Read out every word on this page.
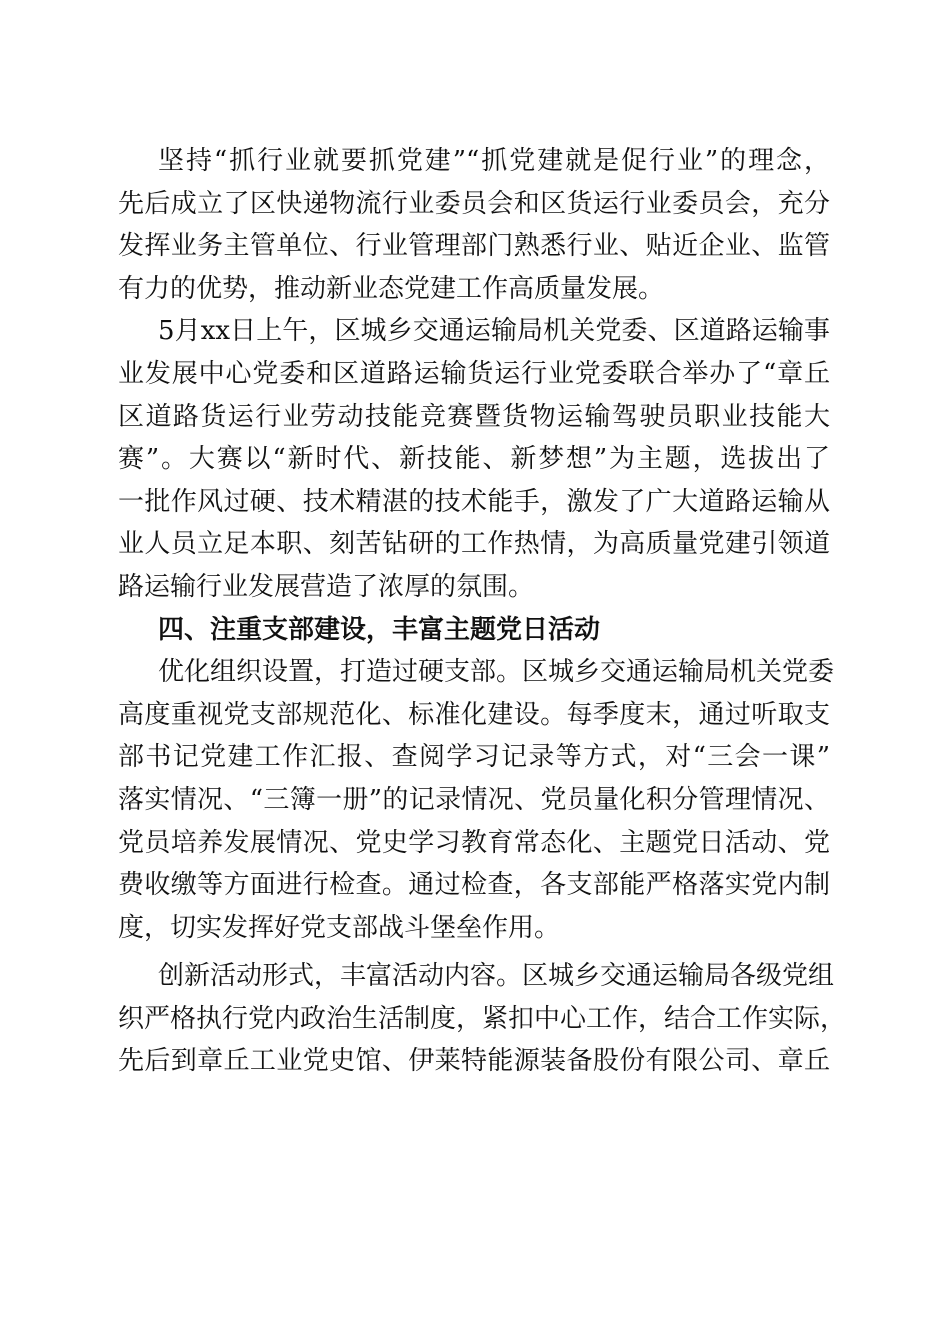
坚持“抓行业就要抓党建”“抓党建就是促行业”的理念，
先后成立了区快递物流行业委员会和区货运行业委员会，充分
发挥业务主管单位、行业管理部门熟悉行业、贴近企业、监管
有力的优势，推动新业态党建工作高质量发展。
5月xx日上午，区城乡交通运输局机关党委、区道路运输事
业发展中心党委和区道路运输货运行业党委联合举办了“章丘
区道路货运行业劳动技能竞赛暨货物运输驾驶员职业技能大
赛”。大赛以“新时代、新技能、新梦想”为主题，选拔出了
一批作风过硬、技术精湛的技术能手，激发了广大道路运输从
业人员立足本职、刻苦钻研的工作热情，为高质量党建引领道
路运输行业发展营造了浓厚的氛围。
四、注重支部建设，丰富主题党日活动
优化组织设置，打造过硬支部。区城乡交通运输局机关党委
高度重视党支部规范化、标准化建设。每季度末，通过听取支
部书记党建工作汇报、查阅学习记录等方式，对“三会一课”
落实情况、“三簿一册”的记录情况、党员量化积分管理情况、
党员培养发展情况、党史学习教育常态化、主题党日活动、党
费收缴等方面进行检查。通过检查，各支部能严格落实党内制
度，切实发挥好党支部战斗堡垒作用。
创新活动形式，丰富活动内容。区城乡交通运输局各级党组
织严格执行党内政治生活制度，紧扣中心工作，结合工作实际，
先后到章丘工业党史馆、伊莱特能源装备股份有限公司、章丘
